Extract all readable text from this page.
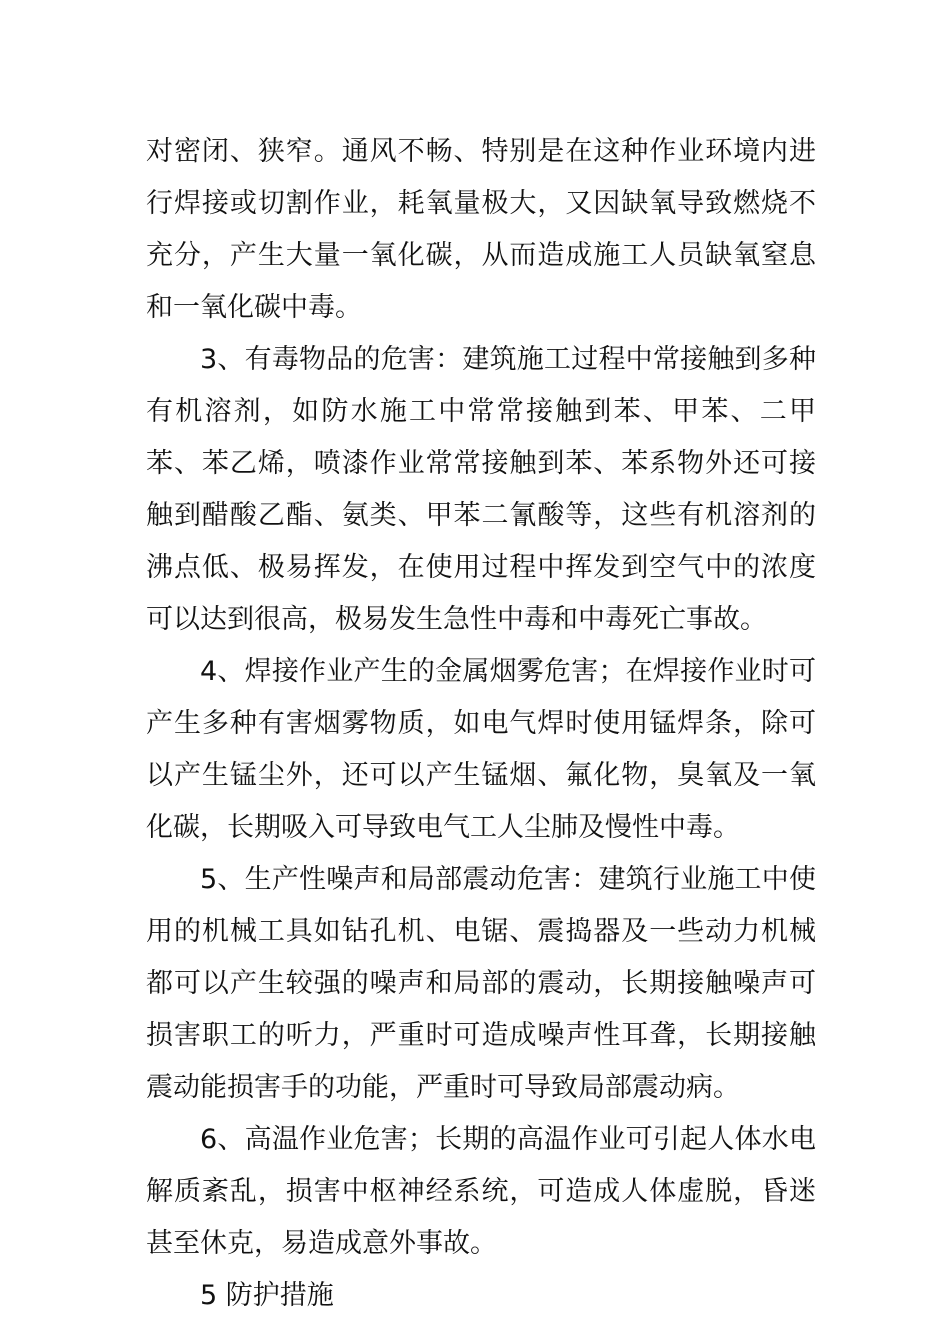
对密闭、狭窄。通风不畅、特别是在这种作业环境内进行焊接或切割作业，耗氧量极大，又因缺氧导致燃烧不充分，产生大量一氧化碳，从而造成施工人员缺氧窒息和一氧化碳中毒。

3、有毒物品的危害：建筑施工过程中常接触到多种有机溶剂，如防水施工中常常接触到苯、甲苯、二甲苯、苯乙烯，喷漆作业常常接触到苯、苯系物外还可接触到醋酸乙酯、氨类、甲苯二氰酸等，这些有机溶剂的沸点低、极易挥发，在使用过程中挥发到空气中的浓度可以达到很高，极易发生急性中毒和中毒死亡事故。

4、焊接作业产生的金属烟雾危害；在焊接作业时可产生多种有害烟雾物质，如电气焊时使用锰焊条，除可以产生锰尘外，还可以产生锰烟、氟化物，臭氧及一氧化碳，长期吸入可导致电气工人尘肺及慢性中毒。

5、生产性噪声和局部震动危害：建筑行业施工中使用的机械工具如钻孔机、电锯、震捣器及一些动力机械都可以产生较强的噪声和局部的震动，长期接触噪声可损害职工的听力，严重时可造成噪声性耳聋，长期接触震动能损害手的功能，严重时可导致局部震动病。

6、高温作业危害；长期的高温作业可引起人体水电解质紊乱，损害中枢神经系统，可造成人体虚脱，昏迷甚至休克，易造成意外事故。

5 防护措施
